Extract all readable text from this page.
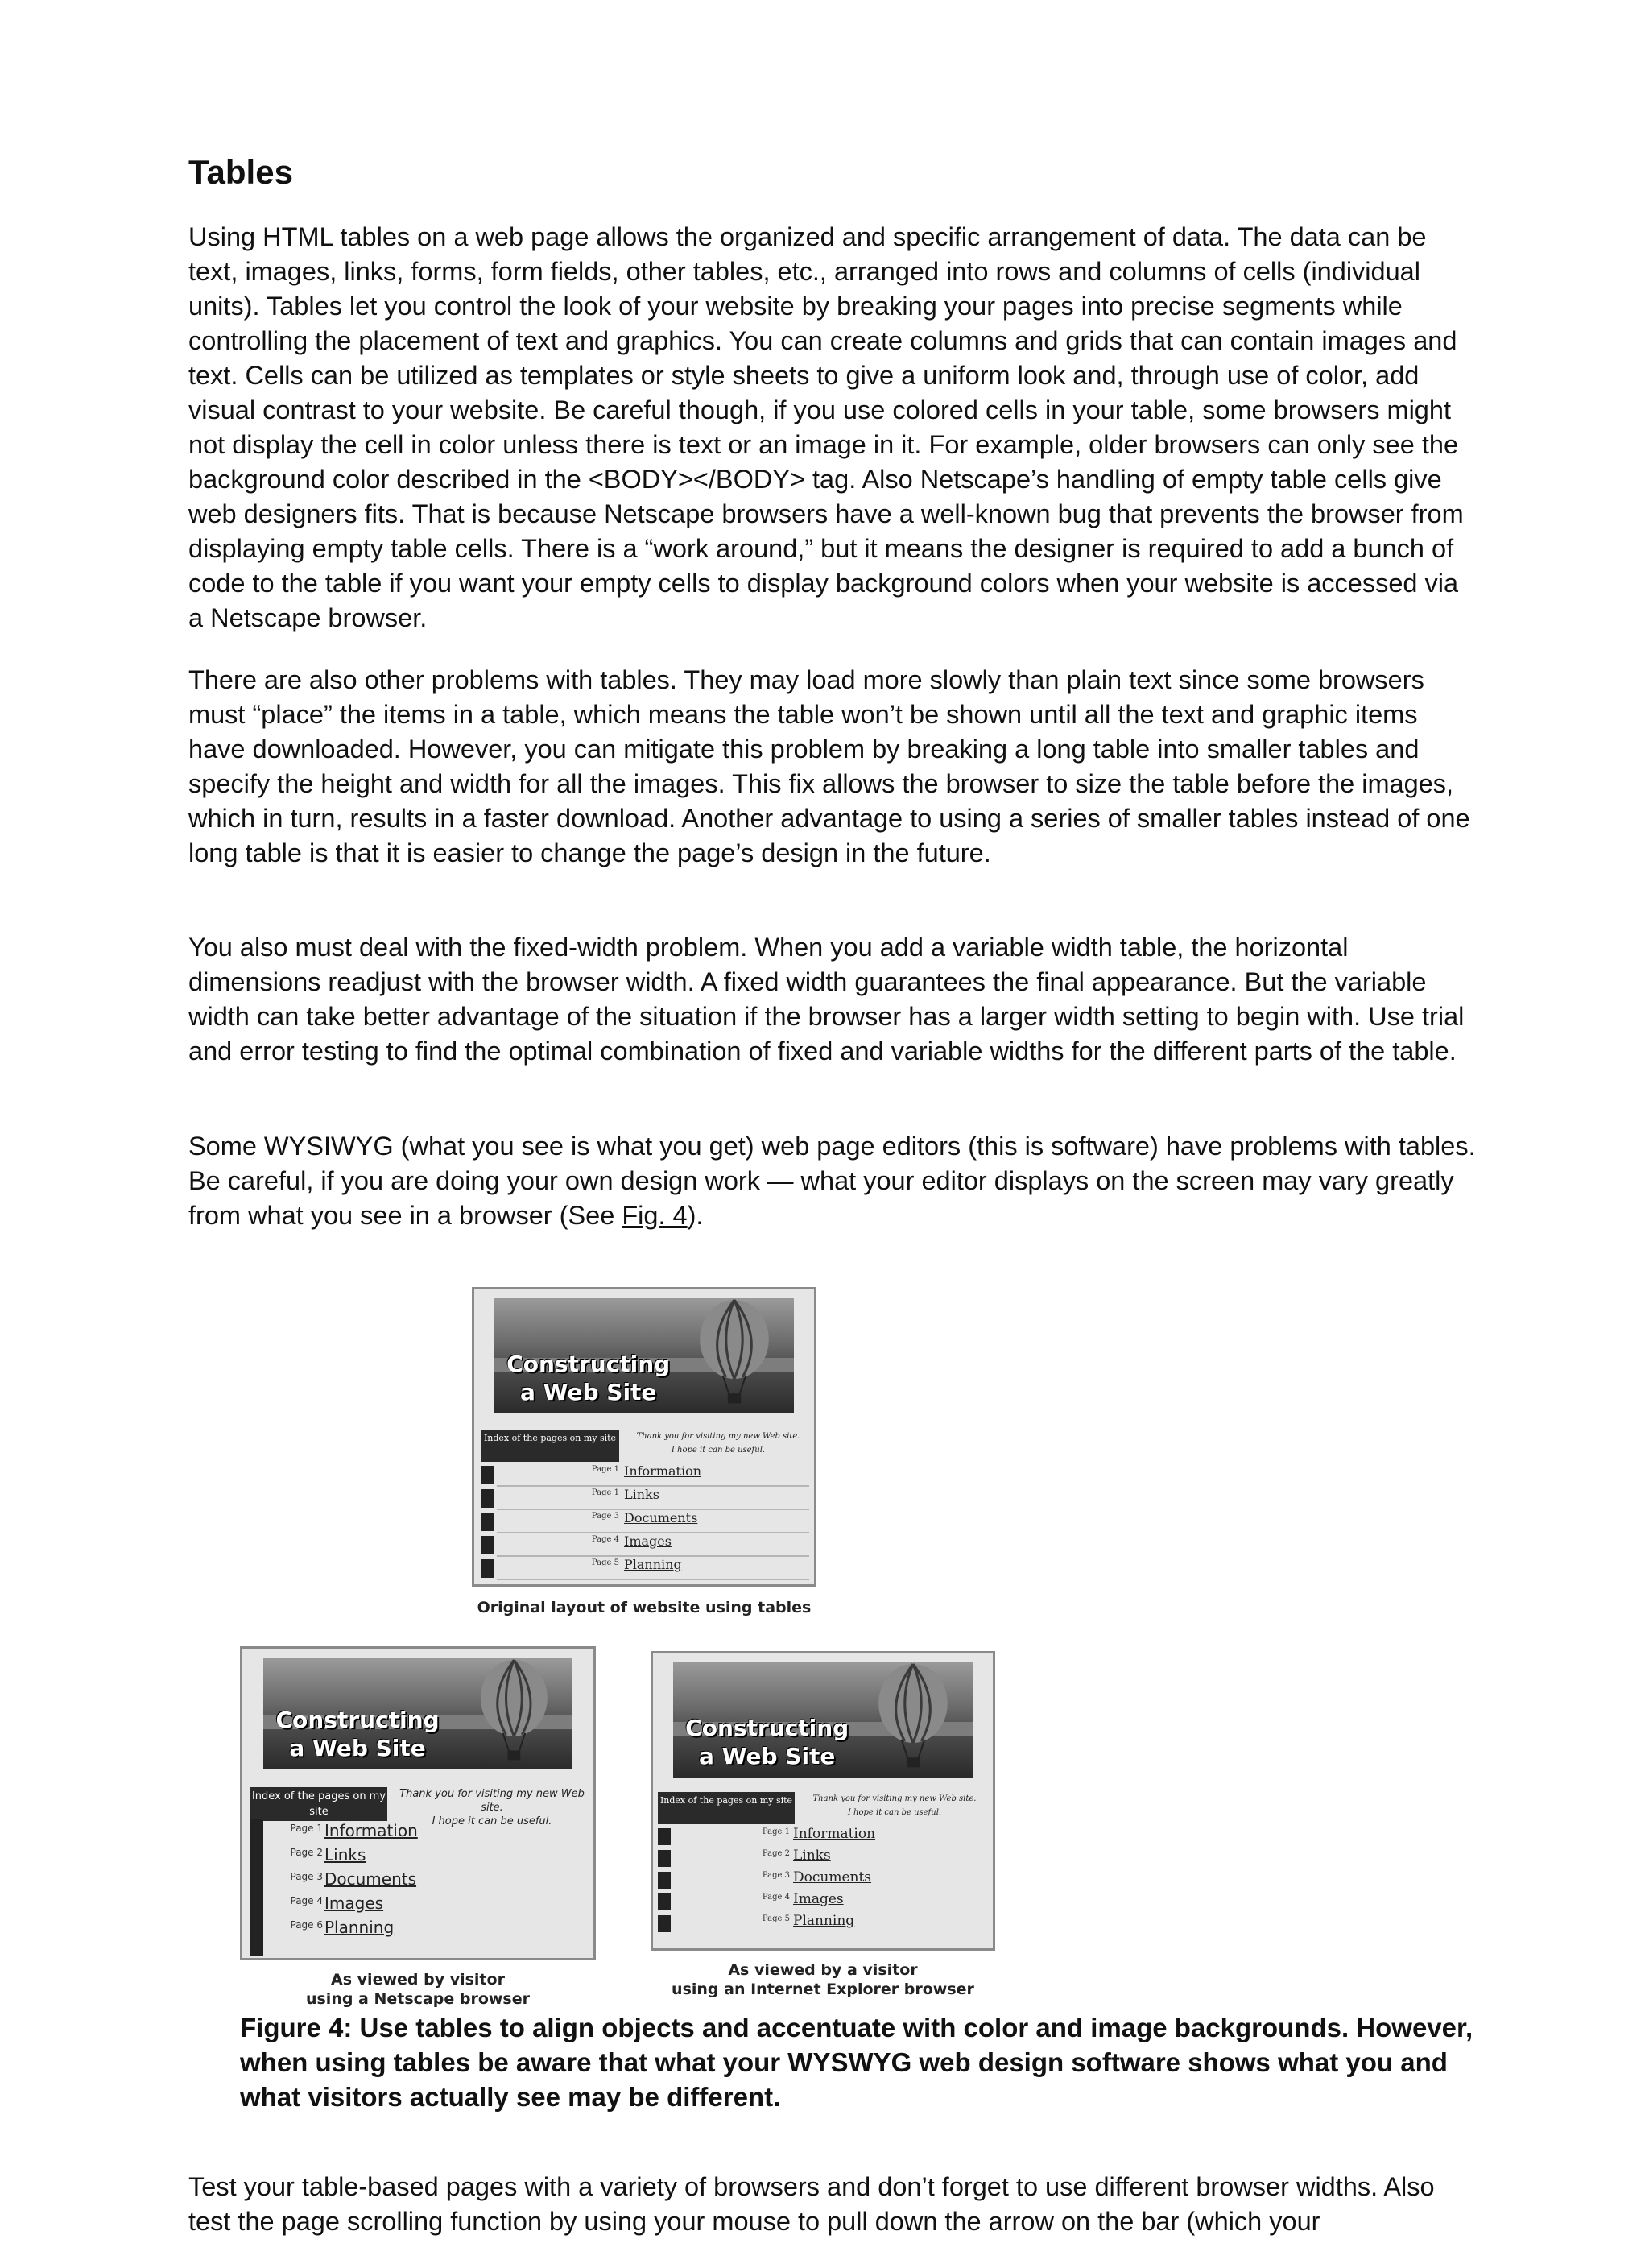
Tables

Using HTML tables on a web page allows the organized and specific arrangement of data. The data can be text, images, links, forms, form fields, other tables, etc., arranged into rows and columns of cells (individual units). Tables let you control the look of your website by breaking your pages into precise segments while controlling the placement of text and graphics. You can create columns and grids that can contain images and text. Cells can be utilized as templates or style sheets to give a uniform look and, through use of color, add visual contrast to your website. Be careful though, if you use colored cells in your table, some browsers might not display the cell in color unless there is text or an image in it. For example, older browsers can only see the background color described in the <BODY></BODY> tag. Also Netscape’s handling of empty table cells give web designers fits. That is because Netscape browsers have a well-known bug that prevents the browser from displaying empty table cells. There is a “work around,” but it means the designer is required to add a bunch of code to the table if you want your empty cells to display background colors when your website is accessed via a Netscape browser.

There are also other problems with tables. They may load more slowly than plain text since some browsers must “place” the items in a table, which means the table won’t be shown until all the text and graphic items have downloaded. However, you can mitigate this problem by breaking a long table into smaller tables and specify the height and width for all the images. This fix allows the browser to size the table before the images, which in turn, results in a faster download. Another advantage to using a series of smaller tables instead of one long table is that it is easier to change the page’s design in the future.

You also must deal with the fixed-width problem. When you add a variable width table, the horizontal dimensions readjust with the browser width. A fixed width guarantees the final appearance. But the variable width can take better advantage of the situation if the browser has a larger width setting to begin with. Use trial and error testing to find the optimal combination of fixed and variable widths for the different parts of the table.

Some WYSIWYG (what you see is what you get) web page editors (this is software) have problems with tables. Be careful, if you are doing your own design work — what your editor displays on the screen may vary greatly from what you see in a browser (See Fig. 4).

Constructing
a Web Site
Index of the pages on my site	Thank you for visiting my new Web site.
I hope it can be useful.
Page 1 Information
Page 1 Links
Page 3 Documents
Page 4 Images
Page 5 Planning
Original layout of website using tables
Constructing
a Web Site
Index of the pages on my site
Thank you for visiting my new Web site.
I hope it can be useful.
Page 1 Information
Page 2 Links
Page 3 Documents
Page 4 Images
Page 6 Planning
As viewed by visitor
using a Netscape browser
Constructing
a Web Site
Index of the pages on my site	Thank you for visiting my new Web site.
I hope it can be useful.
Page 1 Information
Page 2 Links
Page 3 Documents
Page 4 Images
Page 5 Planning
As viewed by a visitor
using an Internet Explorer browser

Figure 4: Use tables to align objects and accentuate with color and image backgrounds. However, when using tables be aware that what your WYSWYG web design software shows what you and what visitors actually see may be different.

Test your table-based pages with a variety of browsers and don’t forget to use different browser widths. Also test the page scrolling function by using your mouse to pull down the arrow on the bar (which your
